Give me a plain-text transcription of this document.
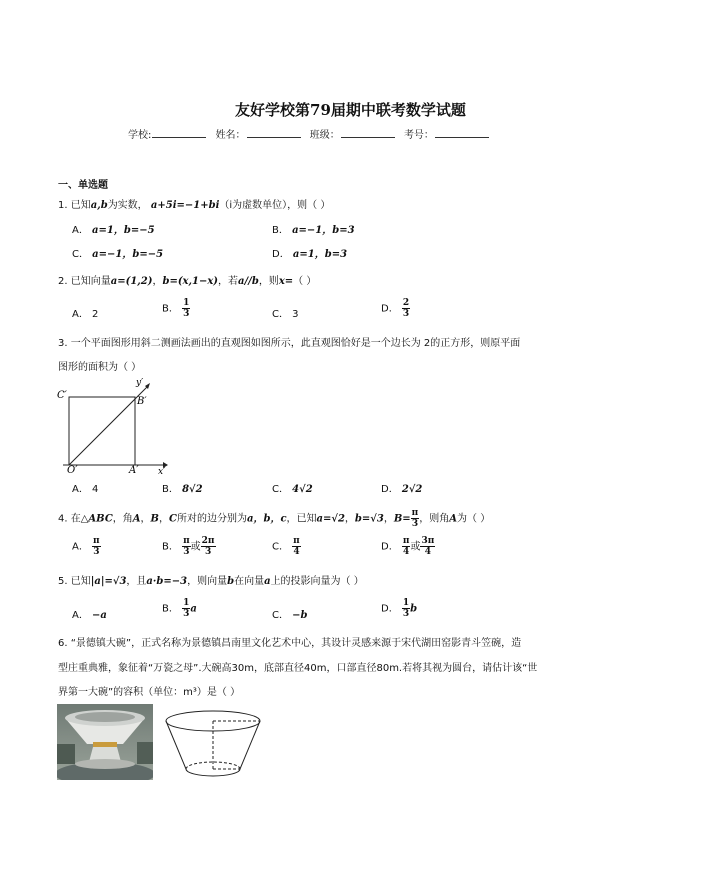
友好学校第79届期中联考数学试题
学校:	姓名：	班级：	考号：
一、单选题
1. 已知a,b为实数， a+5i=−1+bi（i为虚数单位），则（ ）
A． a=1，b=−5	B． a=−1，b=3
C． a=−1，b=−5	D． a=1，b=3
2. 已知向量a=(1,2)，b=(x,1−x)，若a//b，则x=（ ）
A． 2	B． $\frac{1}{3}$	C． 3	D． $\frac{2}{3}$
3. 一个平面图形用斜二测画法画出的直观图如图所示，此直观图恰好是一个边长为 2的正方形，则原平面
图形的面积为（ ）
C′
B′
O′	A′ x′
y′
A． 4	B． 8√2	C． 4√2	D． 2√2
4. 在△ABC，角A，B，C所对的边分别为a，b，c，已知a=√2，b=√3，$B= \frac{\pi}{3}$ ，则角A为（ ）
A． $\frac{\pi}{3}$	B． $\frac{\pi}{3}$ 或 $\frac{2\pi}{3}$	C． $\frac{\pi}{4}$	D． $\frac{\pi}{4}$ 或 $\frac{3\pi}{4}$
5. 已知|a|=√3，且a·b=−3，则向量b在向量a上的投影向量为（ ）
A． −a
B． $\frac{1}{3}$ a
C． −b
D． $\frac{1}{3}$ b
6. “景德镇大碗”，正式名称为景德镇昌南里文化艺术中心，其设计灵感来源于宋代湖田窑影青斗笠碗，造
型庄重典雅，象征着“万瓷之母”.大碗高30m，底部直径40m，口部直径80m.若将其视为圆台，请估计该“世
界第一大碗”的容积（单位：m³）是（ ）
